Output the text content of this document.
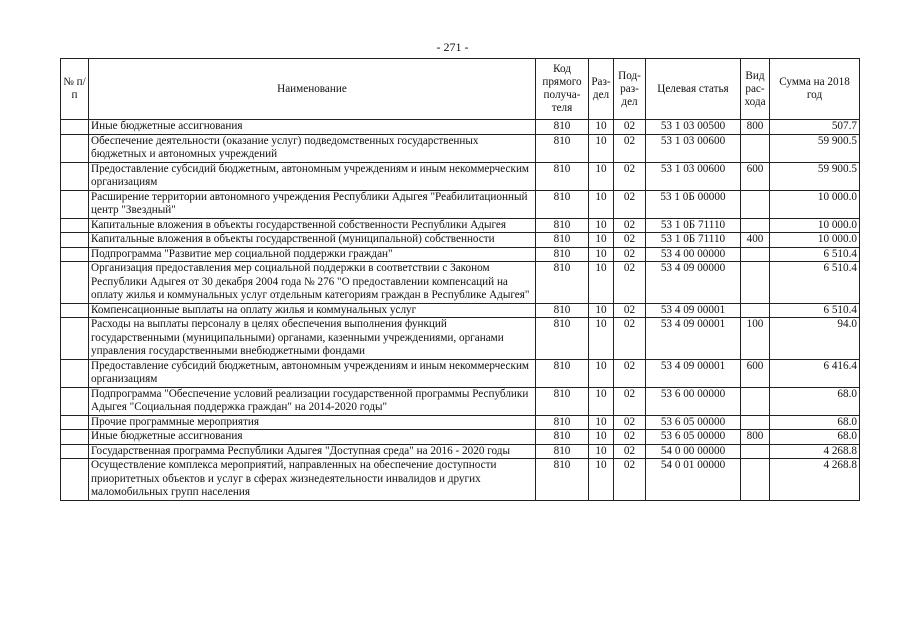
- 271 -
№ п/п	Наименование	Код прямого получа-теля	Раз-дел	Под-раз-дел	Целевая статья	Вид рас-хода	Сумма на 2018 год
	Иные бюджетные ассигнования	810	10	02	53 1 03 00500	800	507.7
	Обеспечение деятельности (оказание услуг) подведомственных государственных бюджетных и автономных учреждений	810	10	02	53 1 03 00600		59 900.5
	Предоставление субсидий бюджетным, автономным учреждениям и иным некоммерческим организациям	810	10	02	53 1 03 00600	600	59 900.5
	Расширение территории автономного учреждения Республики Адыгея "Реабилитационный центр "Звездный"	810	10	02	53 1 0Б 00000		10 000.0
	Капитальные вложения в объекты государственной собственности Республики Адыгея	810	10	02	53 1 0Б 71110		10 000.0
	Капитальные вложения в объекты государственной (муниципальной) собственности	810	10	02	53 1 0Б 71110	400	10 000.0
	Подпрограмма "Развитие мер социальной поддержки граждан"	810	10	02	53 4 00 00000		6 510.4
	Организация предоставления мер социальной поддержки в соответствии с Законом Республики Адыгея от 30 декабря 2004 года № 276 "О предоставлении компенсаций на оплату жилья и коммунальных услуг отдельным категориям граждан в Республике Адыгея"	810	10	02	53 4 09 00000		6 510.4
	Компенсационные выплаты на оплату жилья и коммунальных услуг	810	10	02	53 4 09 00001		6 510.4
	Расходы на выплаты персоналу в целях обеспечения выполнения функций государственными (муниципальными) органами, казенными учреждениями, органами управления государственными внебюджетными фондами	810	10	02	53 4 09 00001	100	94.0
	Предоставление субсидий бюджетным, автономным учреждениям и иным некоммерческим организациям	810	10	02	53 4 09 00001	600	6 416.4
	Подпрограмма "Обеспечение условий реализации государственной программы Республики Адыгея "Социальная поддержка граждан" на 2014-2020 годы"	810	10	02	53 6 00 00000		68.0
	Прочие программные мероприятия	810	10	02	53 6 05 00000		68.0
	Иные бюджетные ассигнования	810	10	02	53 6 05 00000	800	68.0
	Государственная программа Республики Адыгея "Доступная среда" на 2016 - 2020 годы	810	10	02	54 0 00 00000		4 268.8
	Осуществление комплекса мероприятий, направленных на обеспечение доступности приоритетных объектов и услуг в сферах жизнедеятельности инвалидов и других маломобильных групп населения	810	10	02	54 0 01 00000		4 268.8
